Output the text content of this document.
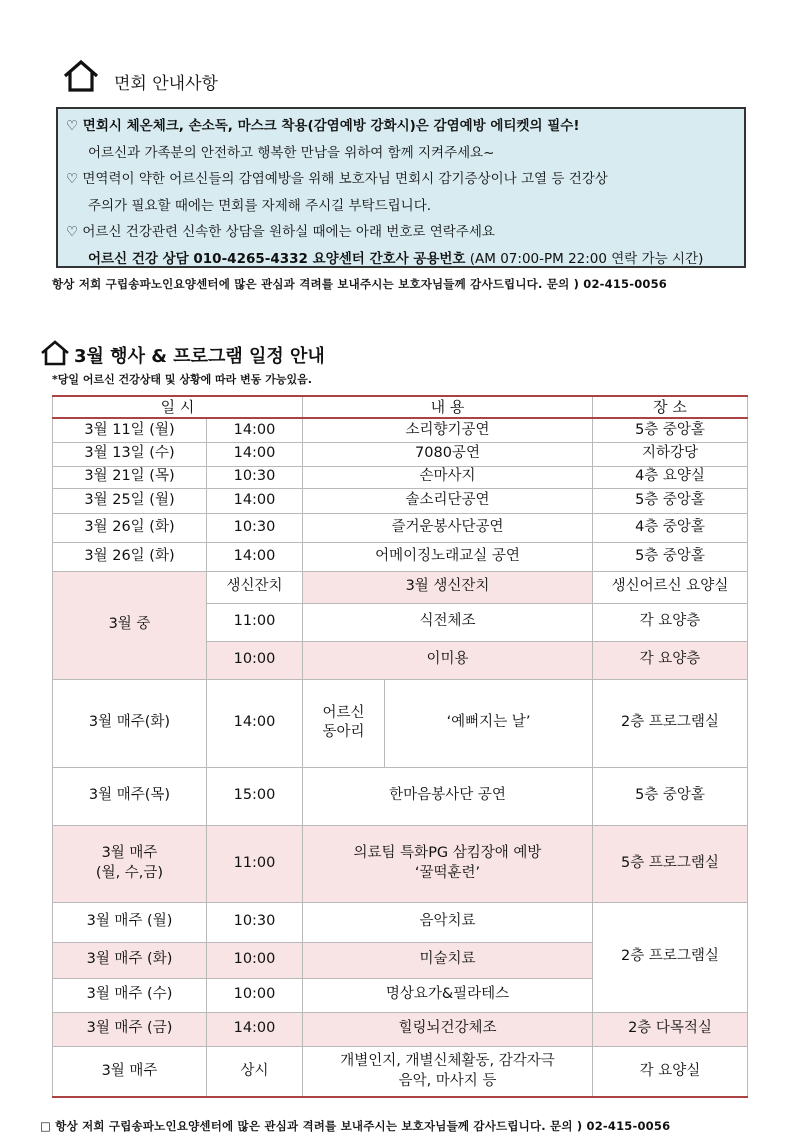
면회 안내사항
♡ 면회시 체온체크, 손소독, 마스크 착용(감염예방 강화시)은 감염예방 에티켓의 필수!
어르신과 가족분의 안전하고 행복한 만남을 위하여 함께 지켜주세요~
♡ 면역력이 약한 어르신들의 감염예방을 위해 보호자님 면회시 감기증상이나 고열 등 건강상
주의가 필요할 때에는 면회를 자제해 주시길 부탁드립니다.
♡ 어르신 건강관련 신속한 상담을 원하실 때에는 아래 번호로 연락주세요
어르신 건강 상담 010-4265-4332 요양센터 간호사 공용번호 (AM 07:00-PM 22:00 연락 가능 시간)
항상 저희 구립송파노인요양센터에 많은 관심과 격려를 보내주시는 보호자님들께 감사드립니다. 문의 ) 02-415-0056
3월 행사 & 프로그램 일정 안내
*당일 어르신 건강상태 및 상황에 따라 변동 가능있음.
일 시		내 용		장 소
3월 11일 (월)	14:00	소리향기공연		5층 중앙홀
3월 13일 (수)	14:00	7080공연		지하강당
3월 21일 (목)	10:30	손마사지		4층 요양실
3월 25일 (월)	14:00	솔소리단공연		5층 중앙홀
3월 26일 (화)	10:30	즐거운봉사단공연		4층 중앙홀
3월 26일 (화)	14:00	어메이징노래교실 공연		5층 중앙홀
3월 중	생신잔치	3월 생신잔치		생신어르신 요양실
	11:00	식전체조		각 요양층
	10:00	이미용		각 요양층
3월 매주(화)	14:00	어르신
동아리	‘예뻐지는 날’	2층 프로그램실
3월 매주(목)	15:00	한마음봉사단 공연		5층 중앙홀
3월 매주
(월, 수,금)	11:00	의료팀 특화PG 삼킴장애 예방
‘꿀떡훈련’		5층 프로그램실
3월 매주 (월)	10:30	음악치료		2층 프로그램실
3월 매주 (화)	10:00	미술치료		
3월 매주 (수)	10:00	명상요가&필라테스		
3월 매주 (금)	14:00	힐링뇌건강체조		2층 다목적실
3월 매주	상시	개별인지, 개별신체활동, 감각자극
음악, 마사지 등		각 요양실
□ 항상 저희 구립송파노인요양센터에 많은 관심과 격려를 보내주시는 보호자님들께 감사드립니다. 문의 ) 02-415-0056
